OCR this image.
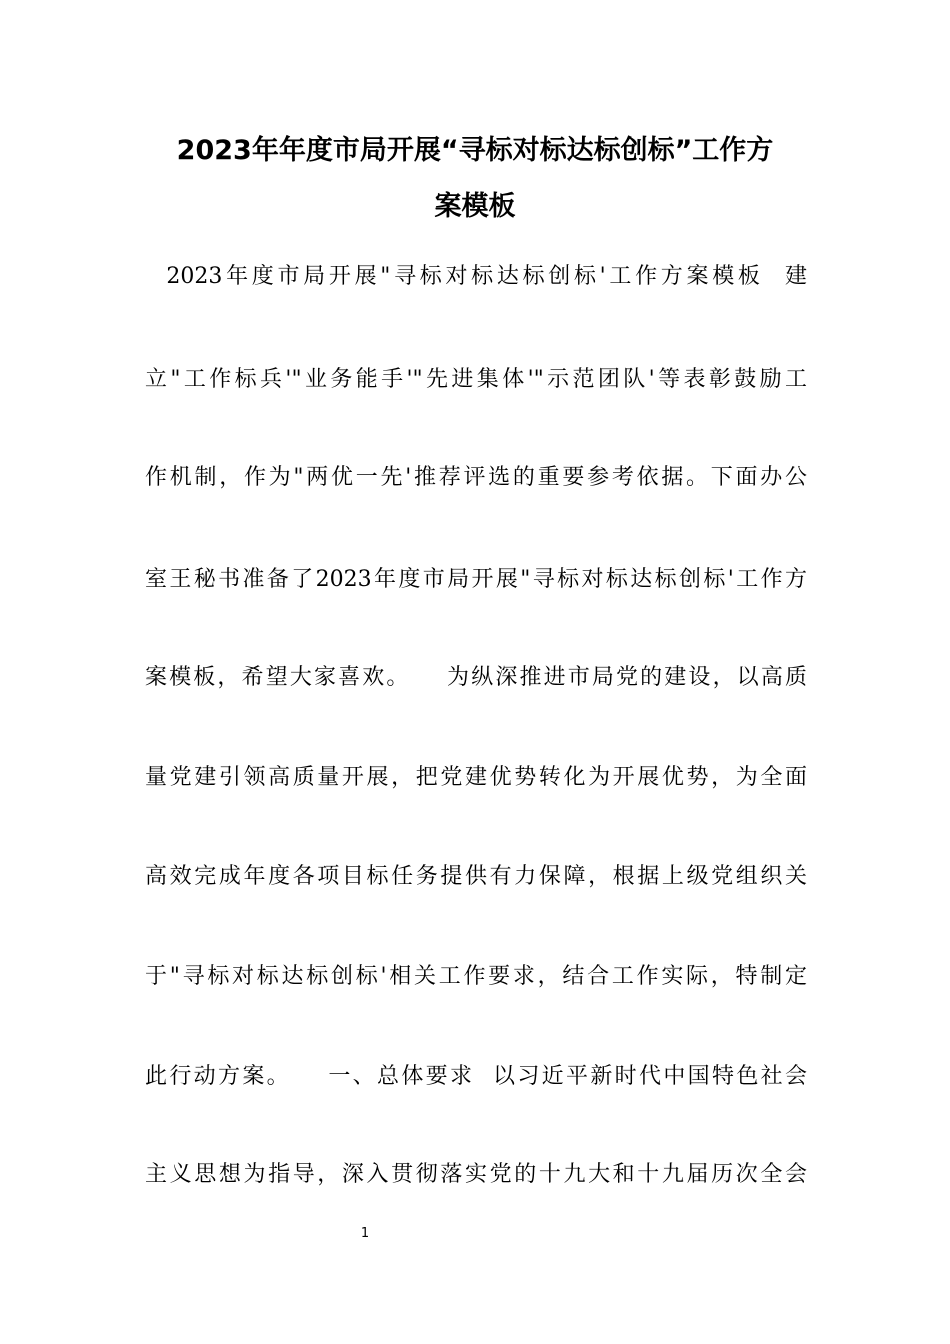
2023年年度市局开展“寻标对标达标创标”工作方
案模板
2023年度市局开展"寻标对标达标创标'工作方案模板  建
立"工作标兵'"业务能手'"先进集体'"示范团队'等表彰鼓励工
作机制，作为"两优一先'推荐评选的重要参考依据。下面办公
室王秘书准备了2023年度市局开展"寻标对标达标创标'工作方
案模板，希望大家喜欢。    为纵深推进市局党的建设，以高质
量党建引领高质量开展，把党建优势转化为开展优势，为全面
高效完成年度各项目标任务提供有力保障，根据上级党组织关
于"寻标对标达标创标'相关工作要求，结合工作实际，特制定
此行动方案。    一、总体要求  以习近平新时代中国特色社会
主义思想为指导，深入贯彻落实党的十九大和十九届历次全会
1
